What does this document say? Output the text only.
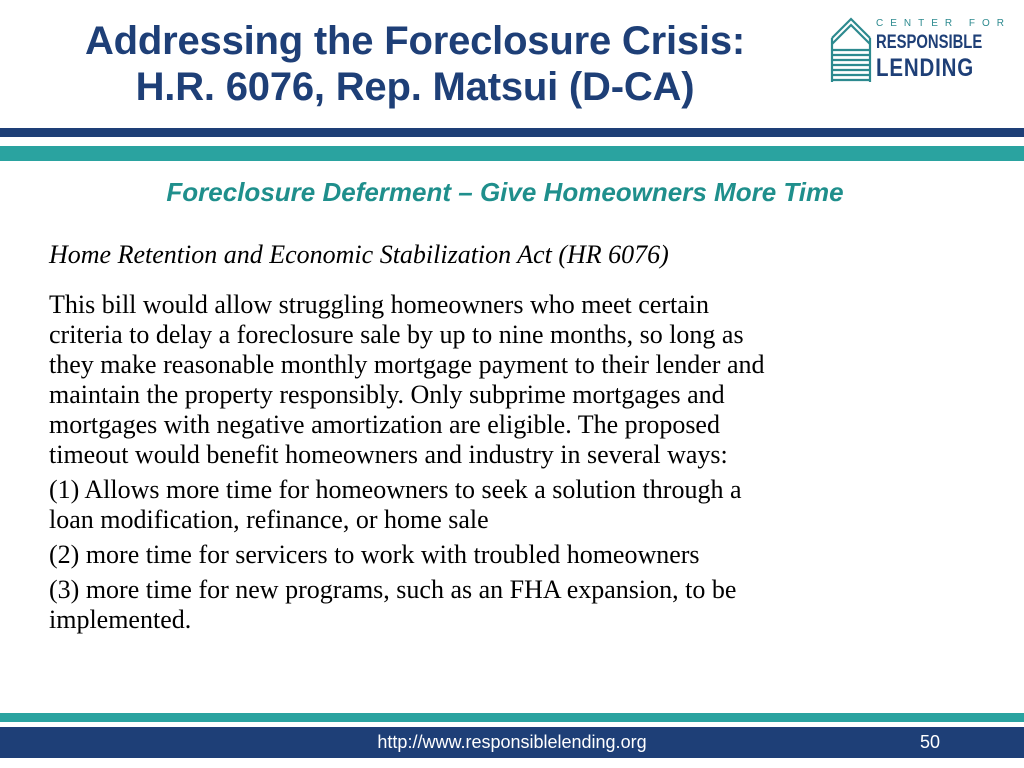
Addressing the Foreclosure Crisis:
H.R. 6076, Rep. Matsui (D-CA)
CENTER FOR
RESPONSIBLE
LENDING
Foreclosure Deferment – Give Homeowners More Time
Home Retention and Economic Stabilization Act (HR 6076)

This bill would allow struggling homeowners who meet certain
criteria to delay a foreclosure sale by up to nine months, so long as
they make reasonable monthly mortgage payment to their lender and
maintain the property responsibly. Only subprime mortgages and
mortgages with negative amortization are eligible. The proposed
timeout would benefit homeowners and industry in several ways:

(1) Allows more time for homeowners to seek a solution through a
loan modification, refinance, or home sale

(2) more time for servicers to work with troubled homeowners

(3) more time for new programs, such as an FHA expansion, to be
implemented.

http://www.responsiblelending.org	50
